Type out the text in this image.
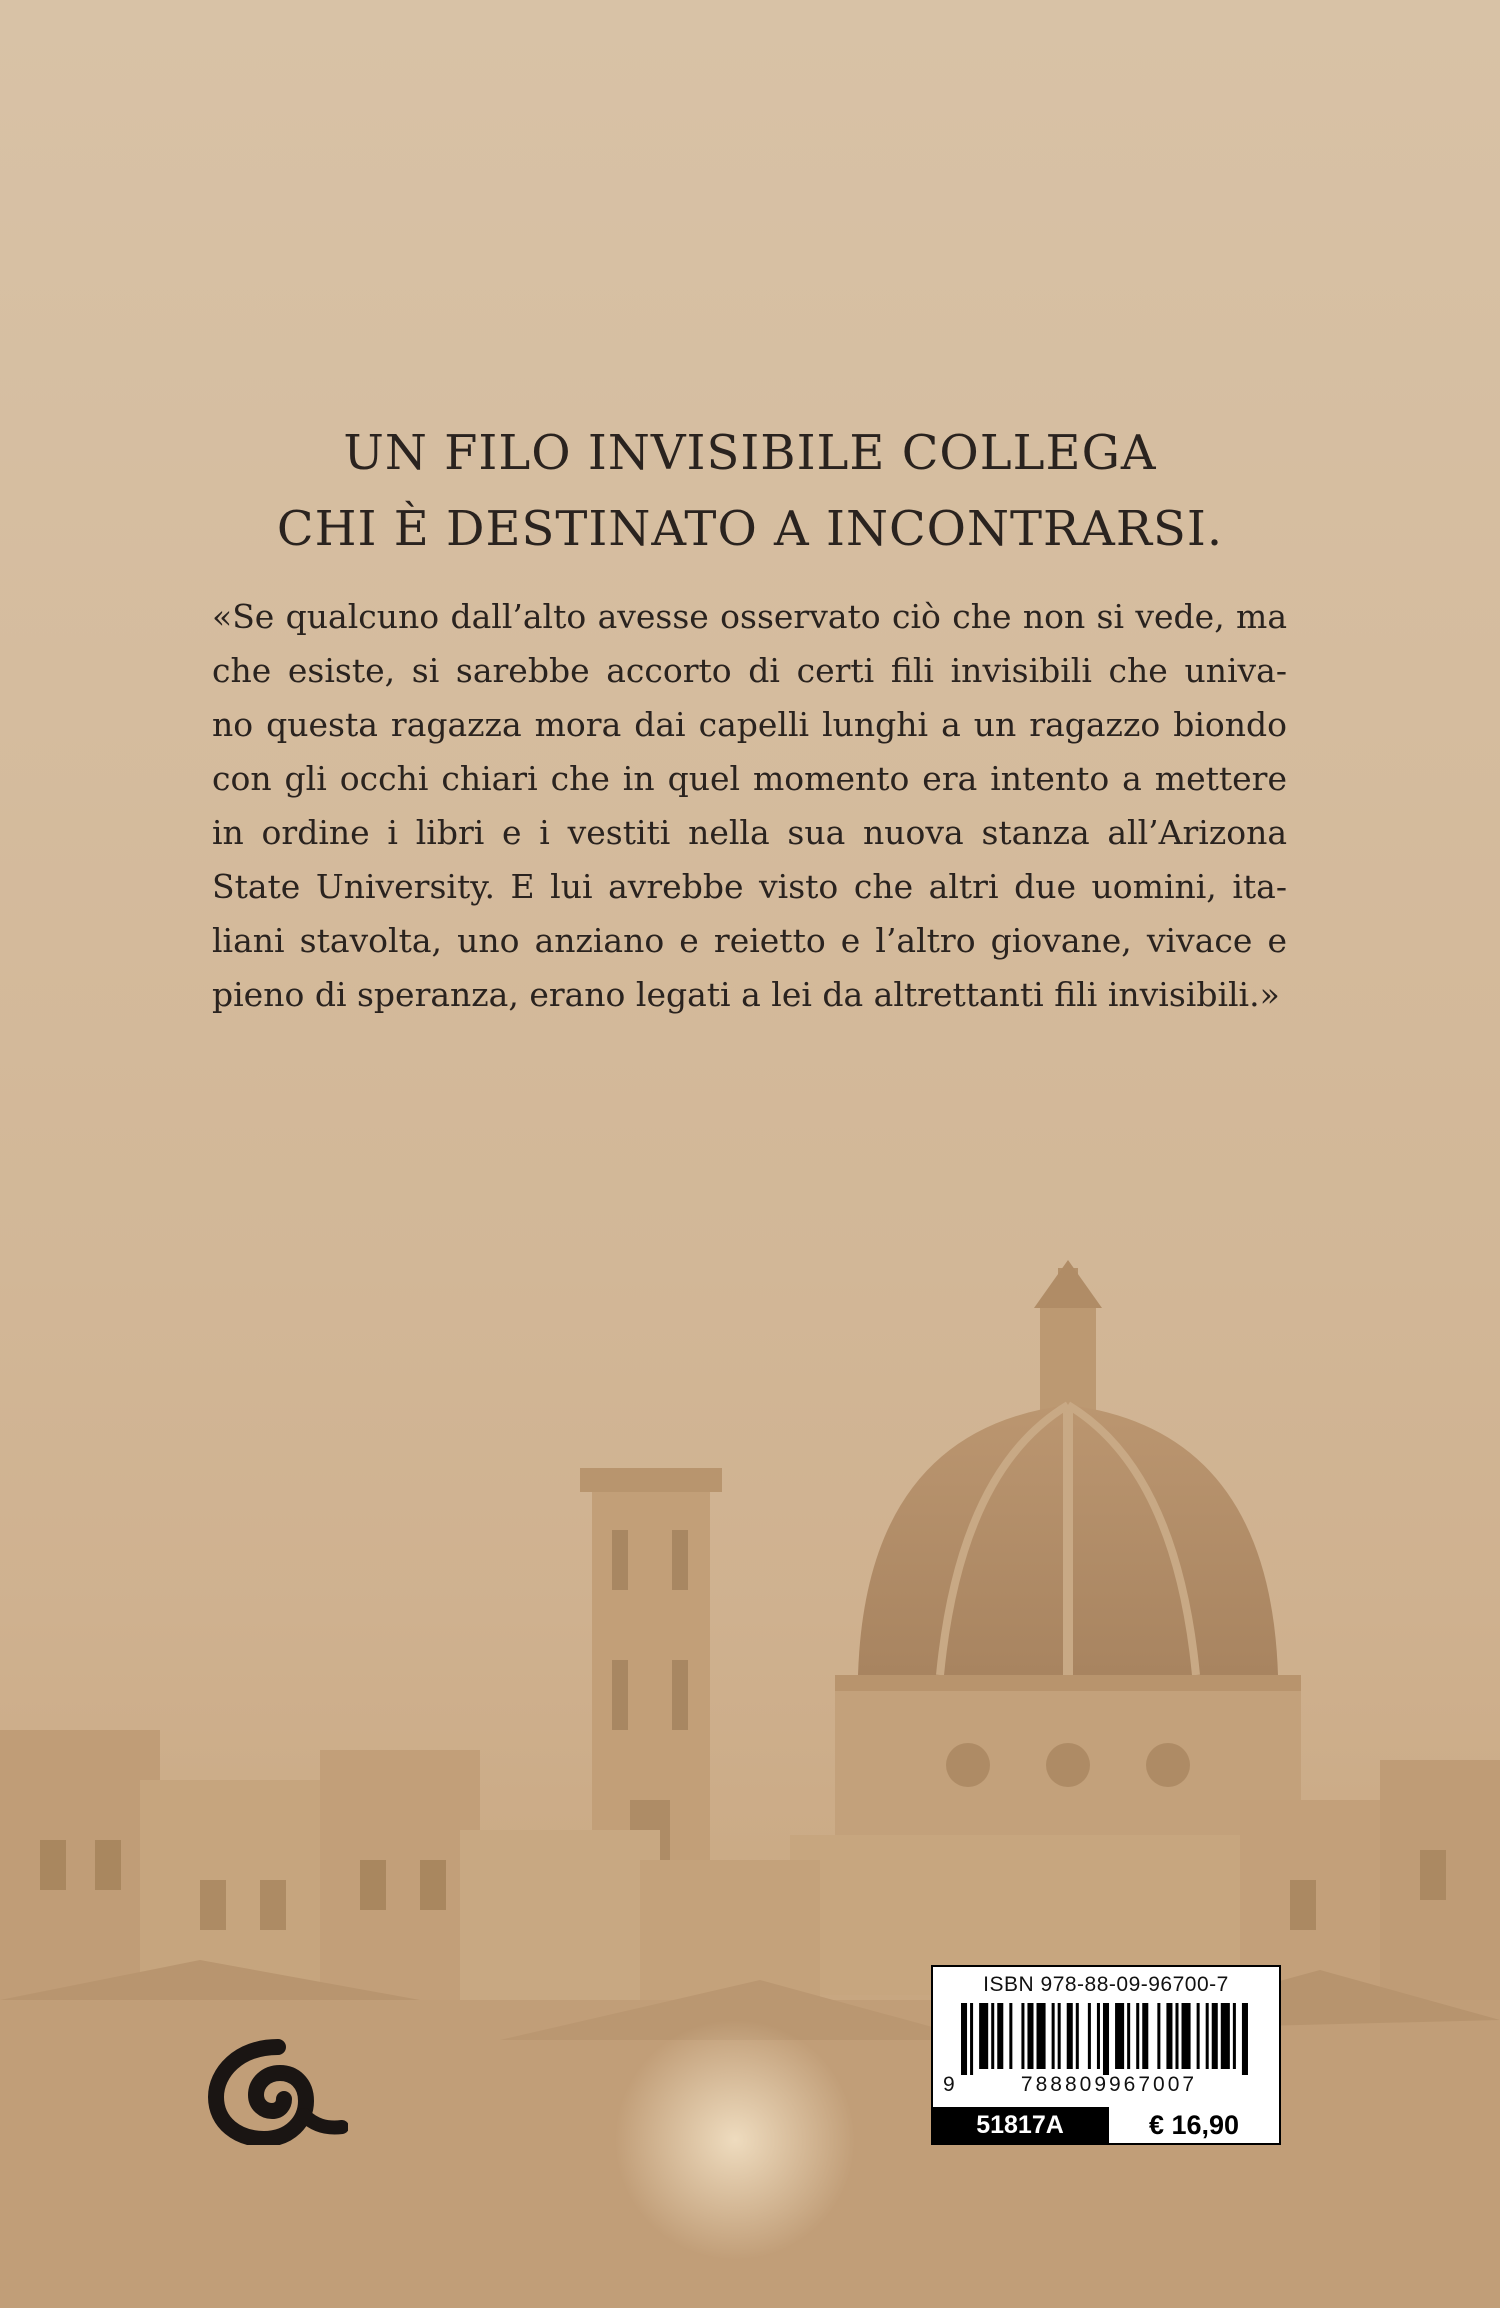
UN FILO INVISIBILE COLLEGA
CHI È DESTINATO A INCONTRARSI.
«Se qualcuno dall’alto avesse osservato ciò che non si vede, ma
che esiste, si sarebbe accorto di certi fili invisibili che univa-
no questa ragazza mora dai capelli lunghi a un ragazzo biondo
con gli occhi chiari che in quel momento era intento a mettere
in ordine i libri e i vestiti nella sua nuova stanza all’Arizona
State University. E lui avrebbe visto che altri due uomini, ita-
liani stavolta, uno anziano e reietto e l’altro giovane, vivace e
pieno di speranza, erano legati a lei da altrettanti fili invisibili.»
ISBN 978-88-09-96700-7
9	788809967007
51817A	€ 16,90
